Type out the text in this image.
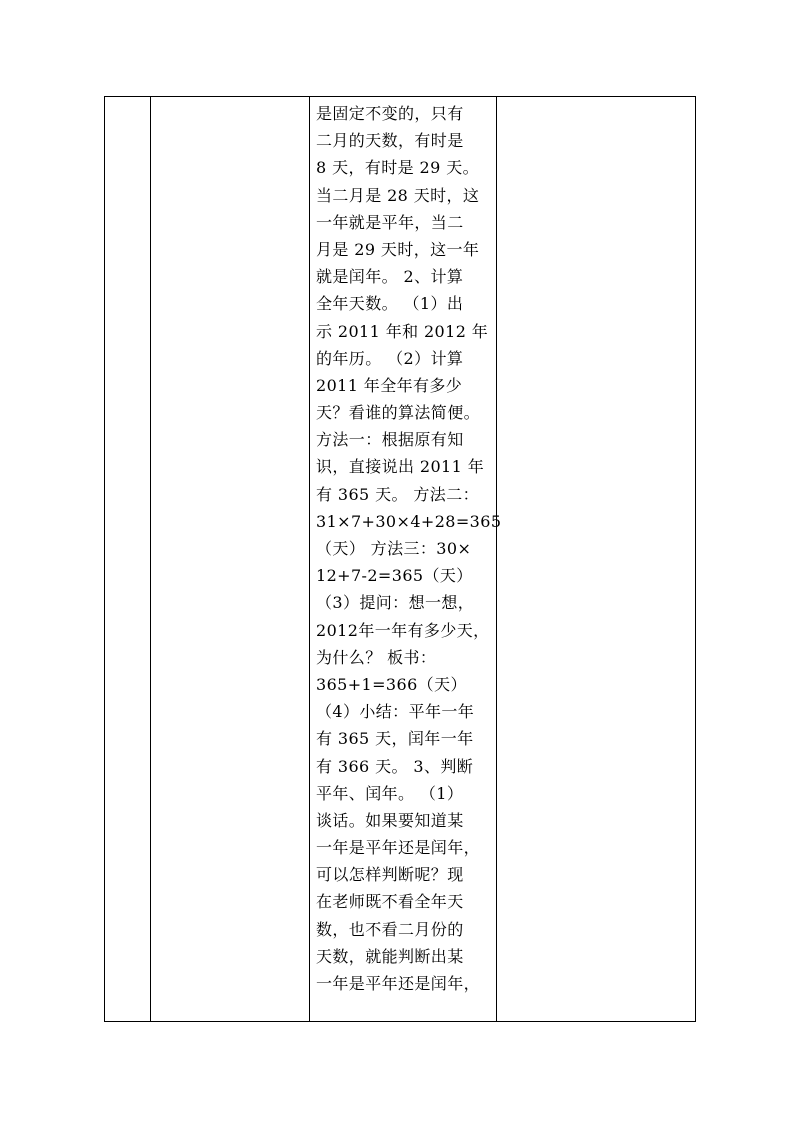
是固定不变的，只有
二月的天数，有时是
8 天，有时是 29 天。
当二月是 28 天时，这
一年就是平年，当二
月是 29 天时，这一年
就是闰年。 2、计算
全年天数。 （1）出
示 2011 年和 2012 年
的年历。 （2）计算
2011 年全年有多少
天？看谁的算法简便。
方法一：根据原有知
识，直接说出 2011 年
有 365 天。 方法二：
31×7+30×4+28=365
（天） 方法三：30×
12+7-2=365（天）
（3）提问：想一想，
2012年一年有多少天，
为什么？ 板书：
365+1=366（天）
（4）小结：平年一年
有 365 天，闰年一年
有 366 天。 3、判断
平年、闰年。 （1）
谈话。如果要知道某
一年是平年还是闰年，
可以怎样判断呢？现
在老师既不看全年天
数，也不看二月份的
天数，就能判断出某
一年是平年还是闰年，
